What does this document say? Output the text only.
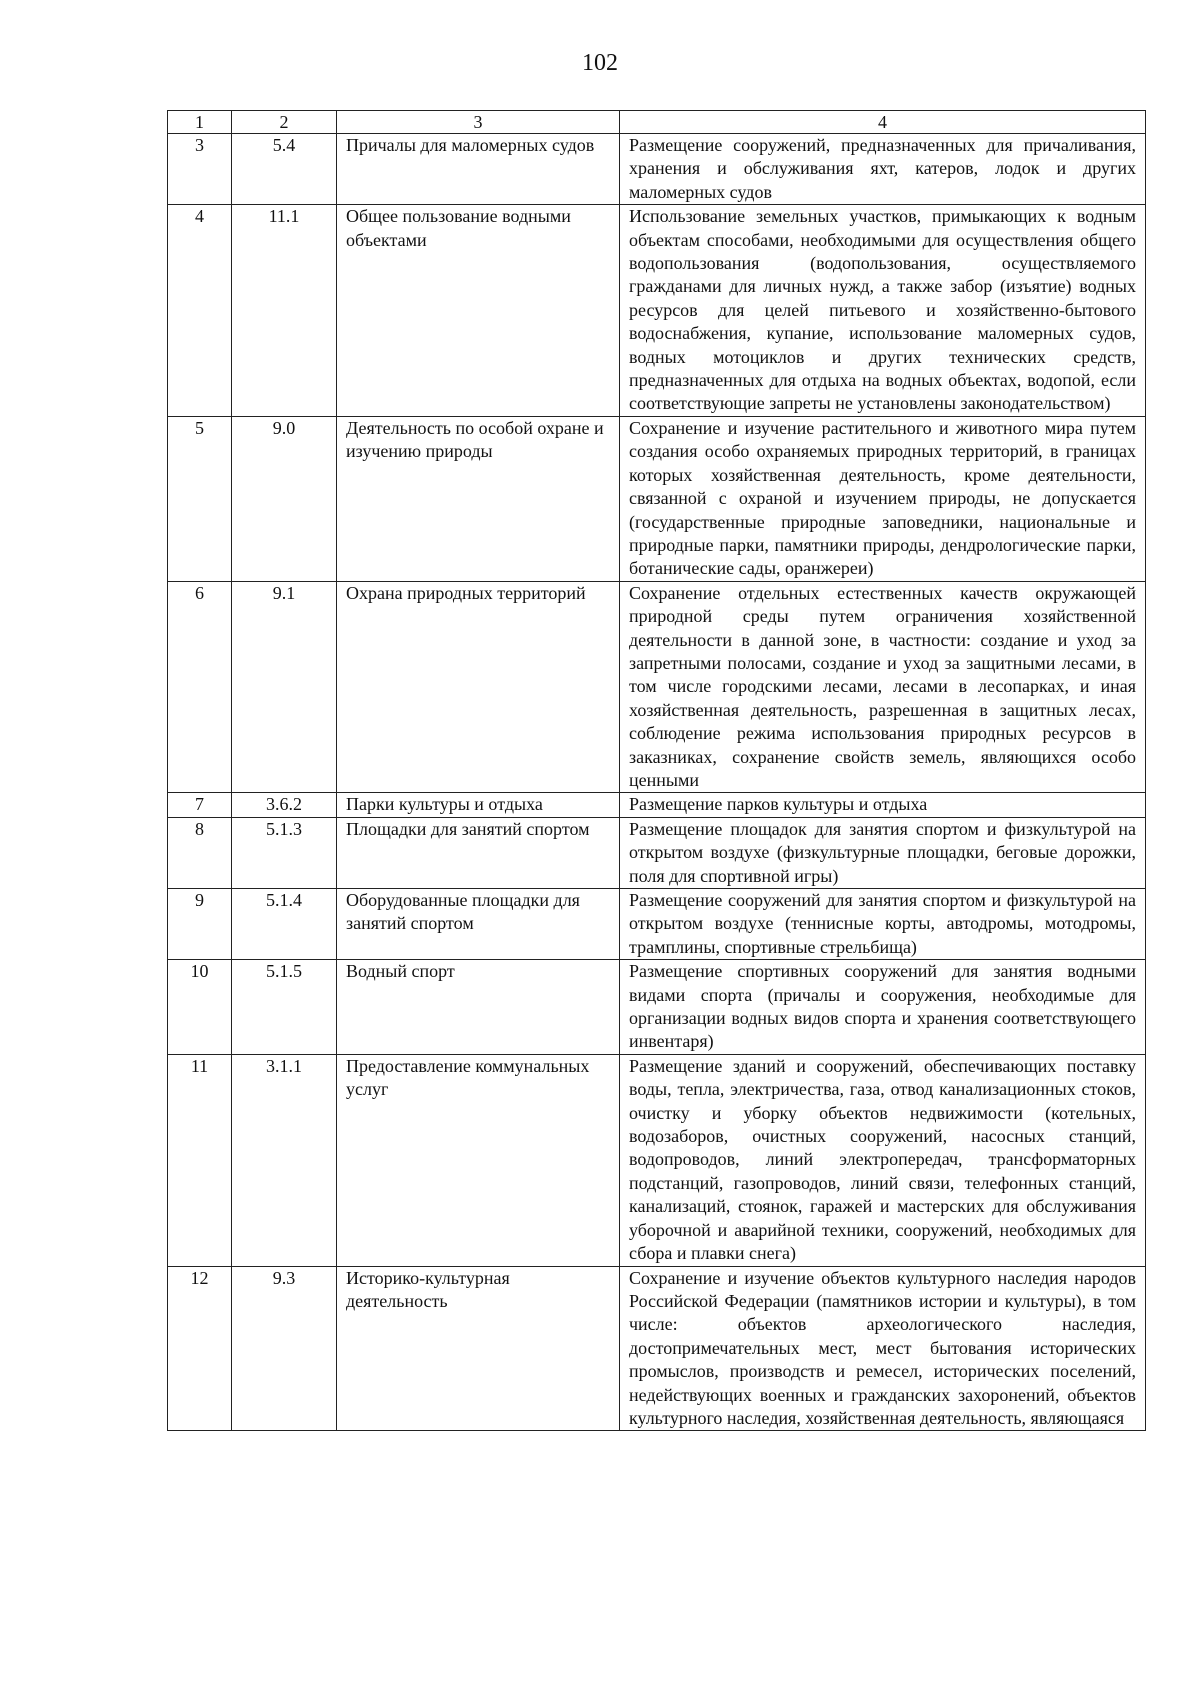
102
1	2	3	4
3	5.4	Причалы для маломерных судов	Размещение сооружений, предназначенных для причаливания, хранения и обслуживания яхт, катеров, лодок и других маломерных судов
4	11.1	Общее пользование водными объектами	Использование земельных участков, примыкающих к водным объектам способами, необходимыми для осуществления общего водопользования (водопользования, осуществляемого гражданами для личных нужд, а также забор (изъятие) водных ресурсов для целей питьевого и хозяйственно-бытового водоснабжения, купание, использование маломерных судов, водных мотоциклов и других технических средств, предназначенных для отдыха на водных объектах, водопой, если соответствующие запреты не установлены законодательством)
5	9.0	Деятельность по особой охране и изучению природы	Сохранение и изучение растительного и животного мира путем создания особо охраняемых природных территорий, в границах которых хозяйственная деятельность, кроме деятельности, связанной с охраной и изучением природы, не допускается (государственные природные заповедники, национальные и природные парки, памятники природы, дендрологические парки, ботанические сады, оранжереи)
6	9.1	Охрана природных территорий	Сохранение отдельных естественных качеств окружающей природной среды путем ограничения хозяйственной деятельности в данной зоне, в частности: создание и уход за запретными полосами, создание и уход за защитными лесами, в том числе городскими лесами, лесами в лесопарках, и иная хозяйственная деятельность, разрешенная в защитных лесах, соблюдение режима использования природных ресурсов в заказниках, сохранение свойств земель, являющихся особо ценными
7	3.6.2	Парки культуры и отдыха	Размещение парков культуры и отдыха
8	5.1.3	Площадки для занятий спортом	Размещение площадок для занятия спортом и физкультурой на открытом воздухе (физкультурные площадки, беговые дорожки, поля для спортивной игры)
9	5.1.4	Оборудованные площадки для занятий спортом	Размещение сооружений для занятия спортом и физкультурой на открытом воздухе (теннисные корты, автодромы, мотодромы, трамплины, спортивные стрельбища)
10	5.1.5	Водный спорт	Размещение спортивных сооружений для занятия водными видами спорта (причалы и сооружения, необходимые для организации водных видов спорта и хранения соответствующего инвентаря)
11	3.1.1	Предоставление коммунальных услуг	Размещение зданий и сооружений, обеспечивающих поставку воды, тепла, электричества, газа, отвод канализационных стоков, очистку и уборку объектов недвижимости (котельных, водозаборов, очистных сооружений, насосных станций, водопроводов, линий электропередач, трансформаторных подстанций, газопроводов, линий связи, телефонных станций, канализаций, стоянок, гаражей и мастерских для обслуживания уборочной и аварийной техники, сооружений, необходимых для сбора и плавки снега)
12	9.3	Историко-культурная деятельность	Сохранение и изучение объектов культурного наследия народов Российской Федерации (памятников истории и культуры), в том числе: объектов археологического наследия, достопримечательных мест, мест бытования исторических промыслов, производств и ремесел, исторических поселений, недействующих военных и гражданских захоронений, объектов культурного наследия, хозяйственная деятельность, являющаяся
